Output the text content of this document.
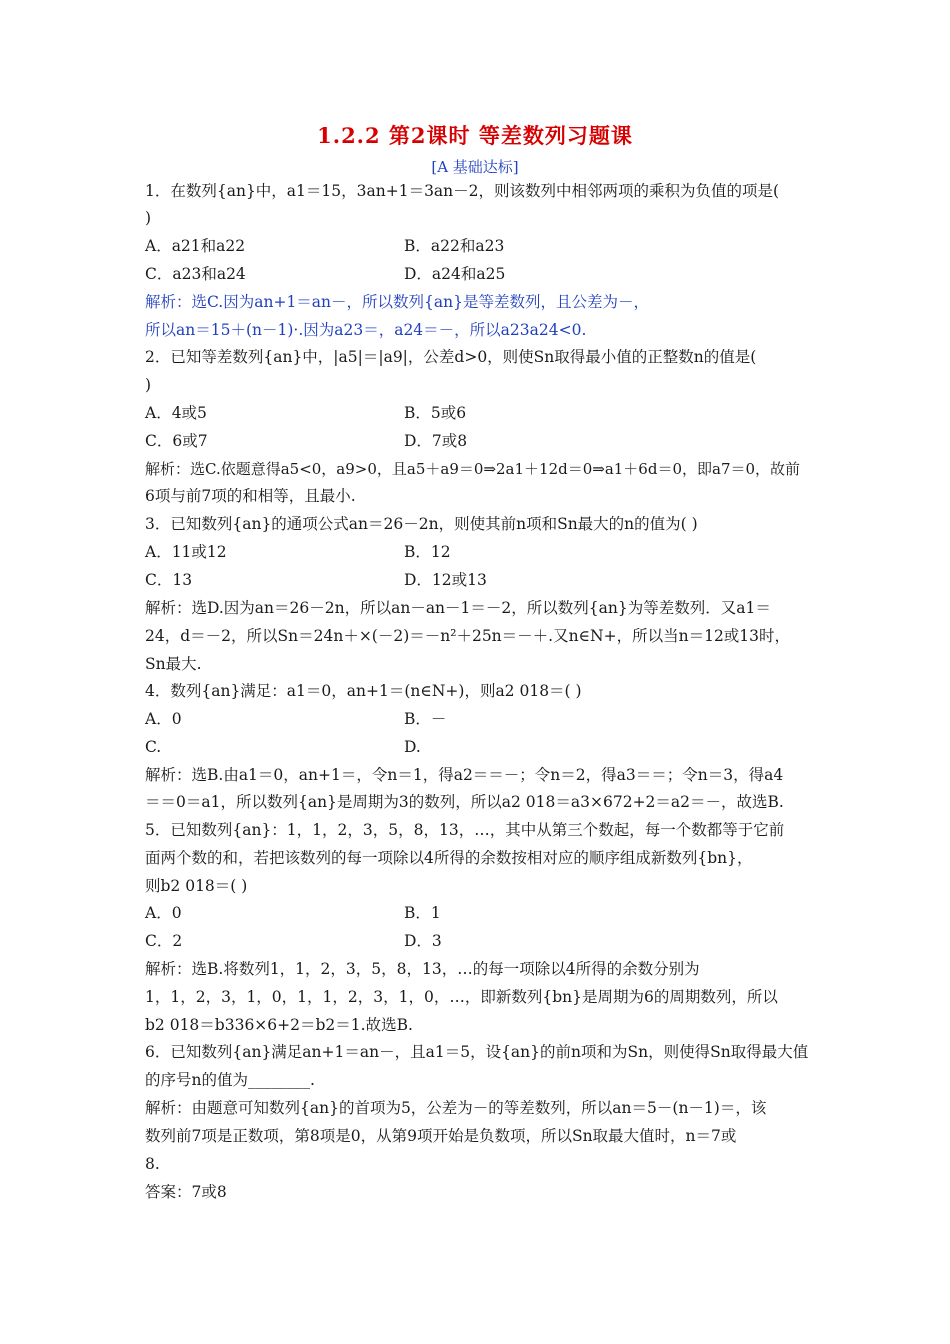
1.2.2 第2课时 等差数列习题课
[A 基础达标]
1．在数列{an}中，a1＝15，3an+1＝3an－2，则该数列中相邻两项的乘积为负值的项是(
)
A．a21和a22	B．a22和a23
C．a23和a24	D．a24和a25
解析：选C.因为an+1＝an－，所以数列{an}是等差数列，且公差为－，
所以an＝15＋(n－1)·.因为a23＝，a24＝－，所以a23a24<0.
2．已知等差数列{an}中，|a5|＝|a9|，公差d>0，则使Sn取得最小值的正整数n的值是(
)
A．4或5	B．5或6
C．6或7	D．7或8
解析：选C.依题意得a5<0，a9>0，且a5＋a9＝0⇒2a1＋12d＝0⇒a1＋6d＝0，即a7＝0，故前
6项与前7项的和相等，且最小.
3．已知数列{an}的通项公式an＝26－2n，则使其前n项和Sn最大的n的值为( )
A．11或12	B．12
C．13	D．12或13
解析：选D.因为an＝26－2n，所以an－an－1＝－2，所以数列{an}为等差数列．又a1＝
24，d＝－2，所以Sn＝24n＋×(－2)＝－n²＋25n＝－＋.又n∈N+，所以当n＝12或13时，
Sn最大.
4．数列{an}满足：a1＝0，an+1＝(n∈N+)，则a2 018＝( )
A．0	B．－
C.	D.
解析：选B.由a1＝0，an+1＝，令n＝1，得a2＝＝－；令n＝2，得a3＝＝；令n＝3，得a4
＝＝0＝a1，所以数列{an}是周期为3的数列，所以a2 018＝a3×672+2＝a2＝－，故选B.
5．已知数列{an}：1，1，2，3，5，8，13，…，其中从第三个数起，每一个数都等于它前
面两个数的和，若把该数列的每一项除以4所得的余数按相对应的顺序组成新数列{bn}，
则b2 018＝( )
A．0	B．1
C．2	D．3
解析：选B.将数列1，1，2，3，5，8，13，…的每一项除以4所得的余数分别为
1，1，2，3，1，0，1，1，2，3，1，0，…，即新数列{bn}是周期为6的周期数列，所以
b2 018＝b336×6+2＝b2＝1.故选B.
6．已知数列{an}满足an+1＝an－，且a1＝5，设{an}的前n项和为Sn，则使得Sn取得最大值
的序号n的值为________.
解析：由题意可知数列{an}的首项为5，公差为－的等差数列，所以an＝5－(n－1)＝，该
数列前7项是正数项，第8项是0，从第9项开始是负数项，所以Sn取最大值时，n＝7或
8.
答案：7或8
